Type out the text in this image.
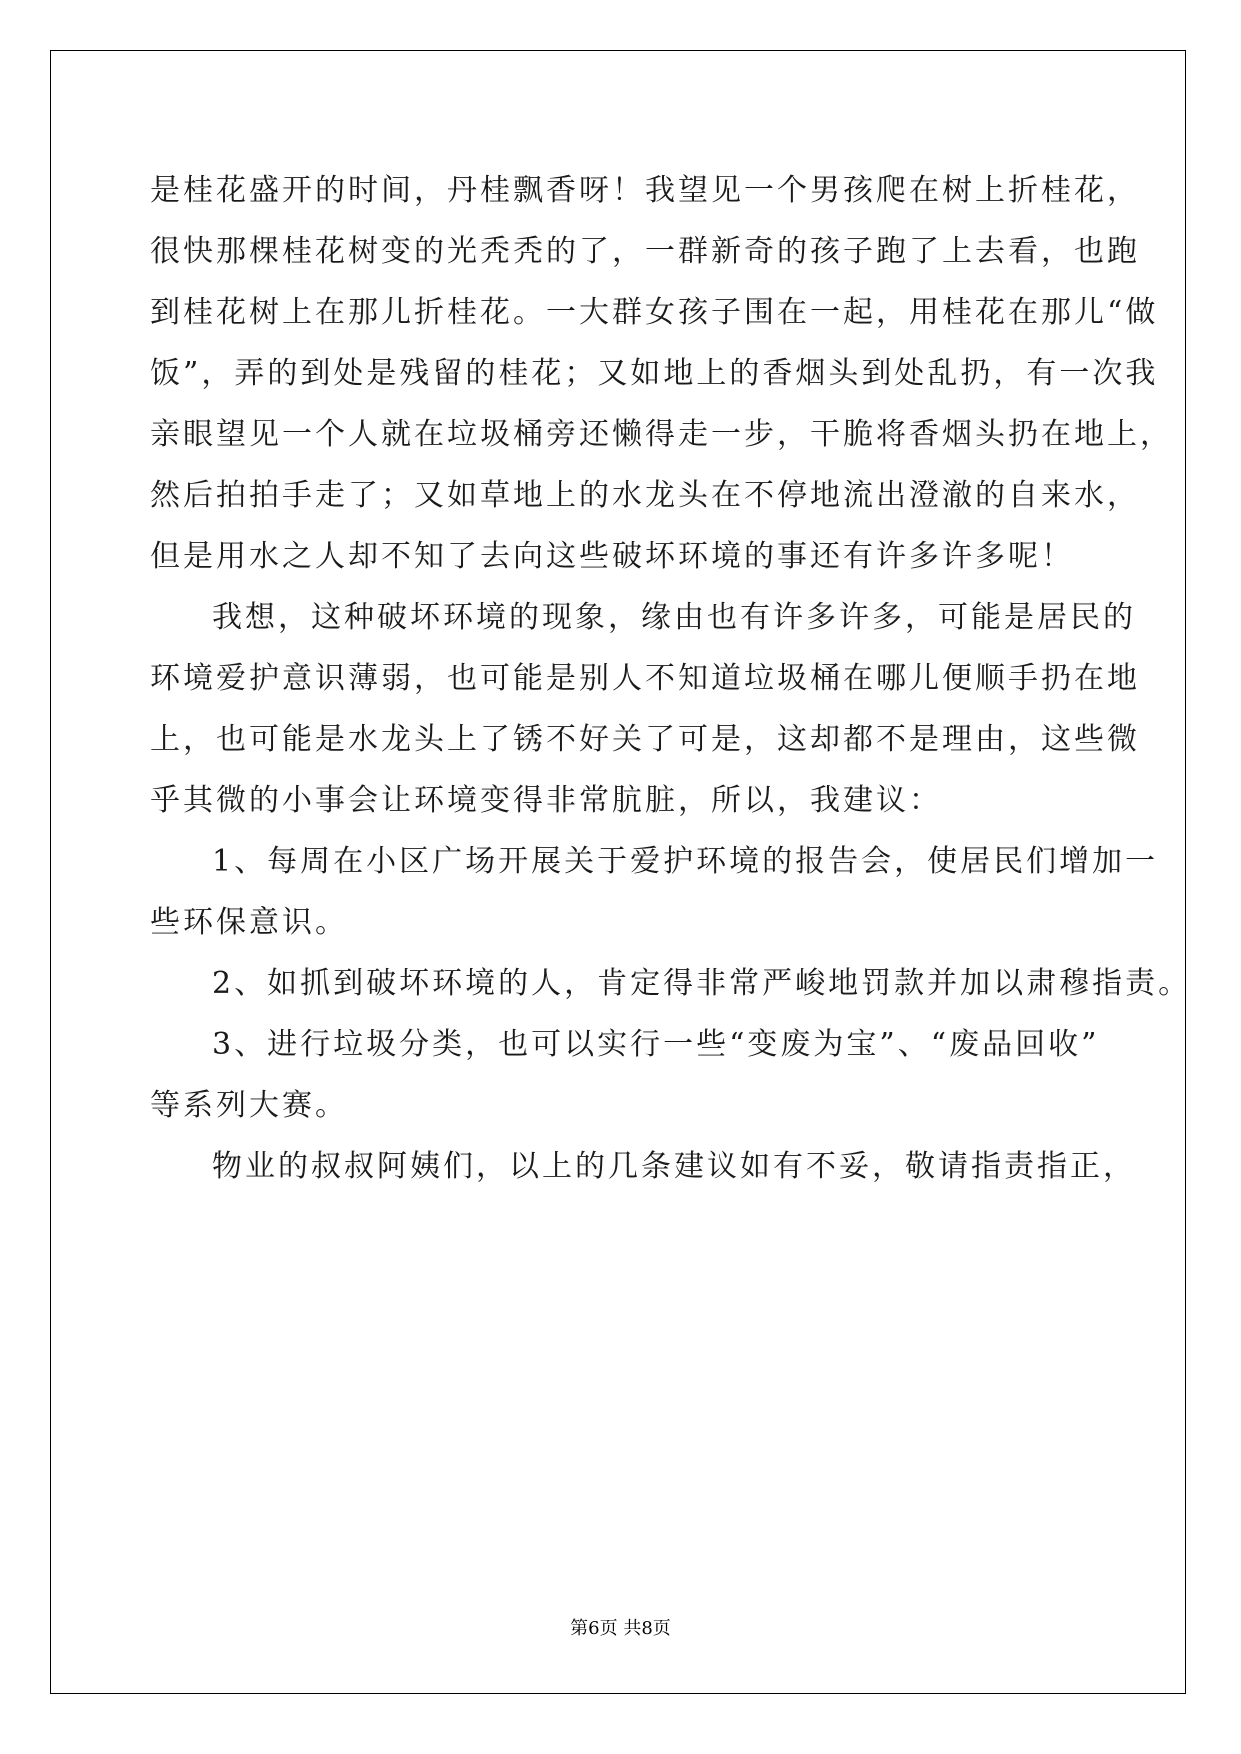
是桂花盛开的时间，丹桂飘香呀！我望见一个男孩爬在树上折桂花，
很快那棵桂花树变的光秃秃的了，一群新奇的孩子跑了上去看，也跑
到桂花树上在那儿折桂花。一大群女孩子围在一起，用桂花在那儿“做
饭”，弄的到处是残留的桂花；又如地上的香烟头到处乱扔，有一次我
亲眼望见一个人就在垃圾桶旁还懒得走一步，干脆将香烟头扔在地上，
然后拍拍手走了；又如草地上的水龙头在不停地流出澄澈的自来水，
但是用水之人却不知了去向这些破坏环境的事还有许多许多呢！
我想，这种破坏环境的现象，缘由也有许多许多，可能是居民的
环境爱护意识薄弱，也可能是别人不知道垃圾桶在哪儿便顺手扔在地
上，也可能是水龙头上了锈不好关了可是，这却都不是理由，这些微
乎其微的小事会让环境变得非常肮脏，所以，我建议：
1、每周在小区广场开展关于爱护环境的报告会，使居民们增加一
些环保意识。
2、如抓到破坏环境的人，肯定得非常严峻地罚款并加以肃穆指责。
3、进行垃圾分类，也可以实行一些“变废为宝”、“废品回收”
等系列大赛。
物业的叔叔阿姨们，以上的几条建议如有不妥，敬请指责指正，
第6页 共8页
